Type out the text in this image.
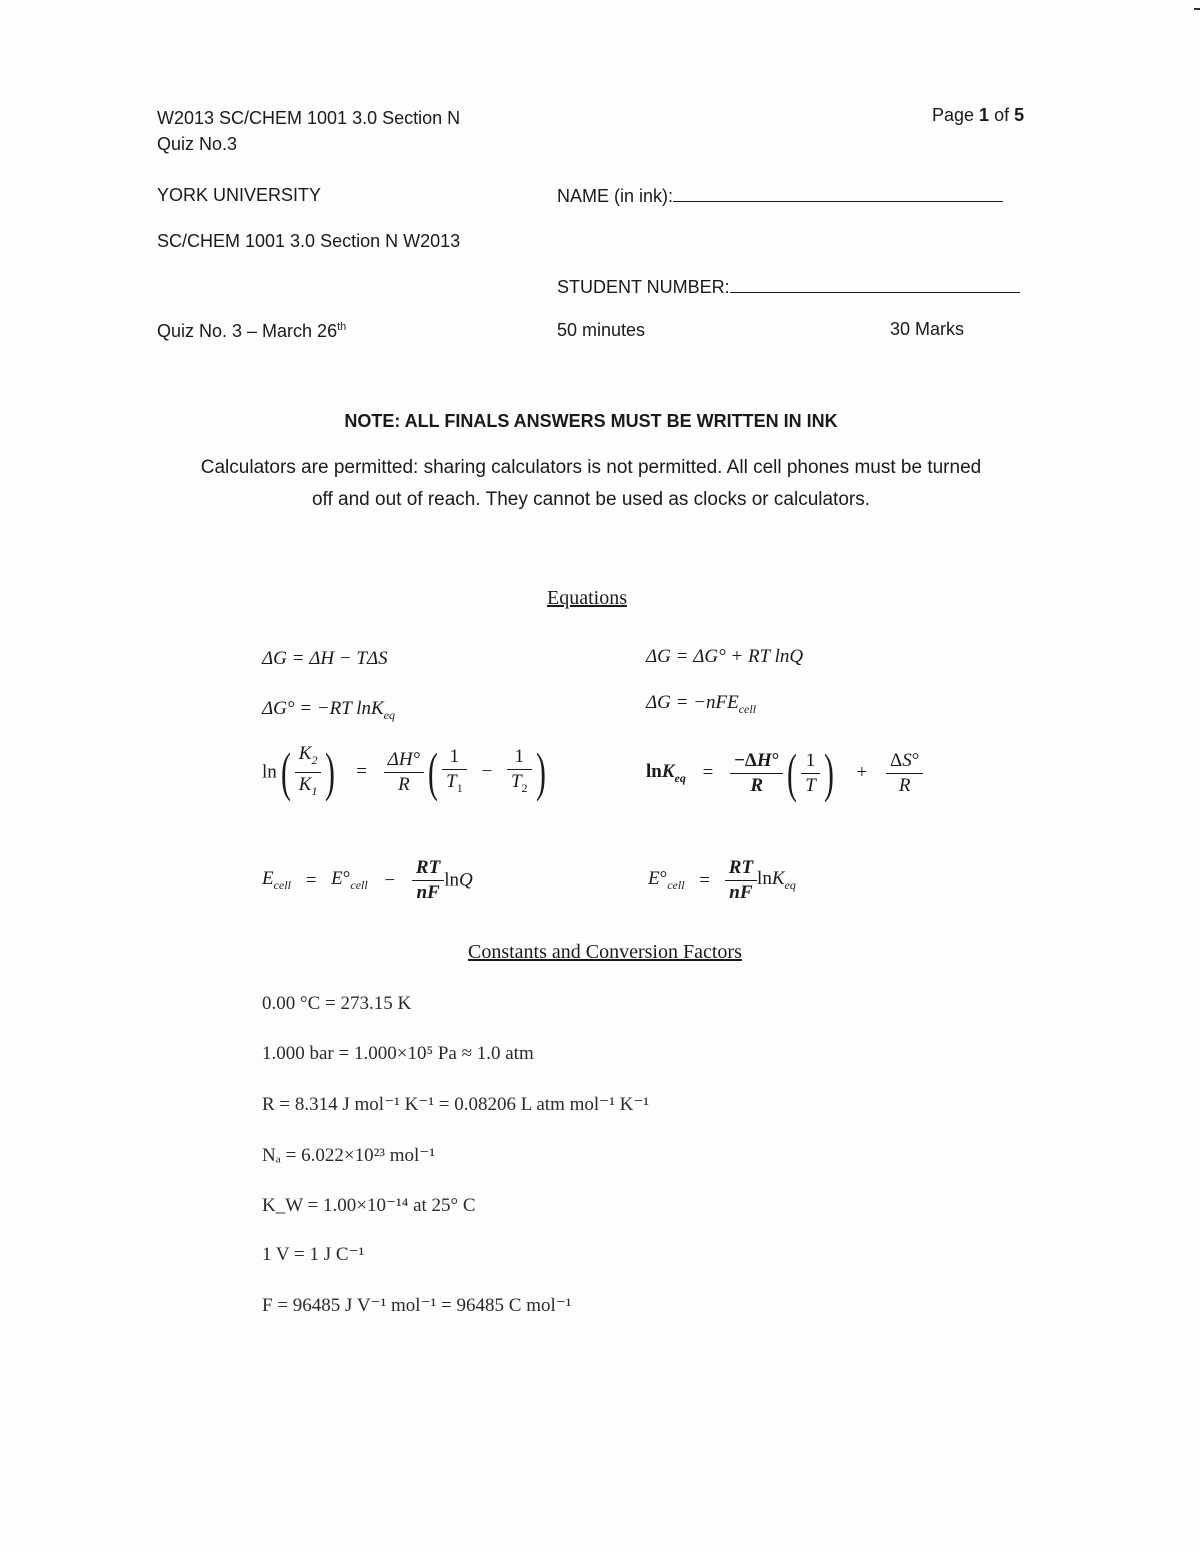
W2013 SC/CHEM 1001 3.0 Section N
Quiz No.3
Page 1 of 5
YORK UNIVERSITY	NAME (in ink):
SC/CHEM 1001 3.0 Section N W2013
STUDENT NUMBER:
Quiz No. 3 – March 26th	50 minutes	30 Marks
NOTE: ALL FINALS ANSWERS MUST BE WRITTEN IN INK
Calculators are permitted: sharing calculators is not permitted. All cell phones must be turned
off and out of reach. They cannot be used as clocks or calculators.
Equations
ΔG = ΔH − TΔS	ΔG = ΔG° + RT lnQ
ΔG° = −RT lnK$_{eq}$
ΔG = −nFE$_{cell}$
$\ln( \frac{K_2}{K_1}$ ) = $\frac{\Delta H^\circ}{R}$ ( $\frac{1}{T_1} - \frac{1}{T_2}$ )	$\ln K_{eq} = \frac{-\Delta H^\circ}{R}$ ( $\frac{1}{T}$ ) + $\frac{\Delta S^\circ}{R}$
$E_{cell} = E^\circ_{cell} - \frac{RT}{nF}$ lnQ	$E^\circ_{cell} = \frac{RT}{nF} \ln K_{eq}$
Constants and Conversion Factors
0.00 °C = 273.15 K
1.000 bar = 1.000×10⁵ Pa ≈ 1.0 atm
R = 8.314 J mol⁻¹ K⁻¹ = 0.08206 L atm mol⁻¹ K⁻¹
Nₐ = 6.022×10²³ mol⁻¹
K_W = 1.00×10⁻¹⁴ at 25° C
1 V = 1 J C⁻¹
F = 96485 J V⁻¹ mol⁻¹ = 96485 C mol⁻¹
